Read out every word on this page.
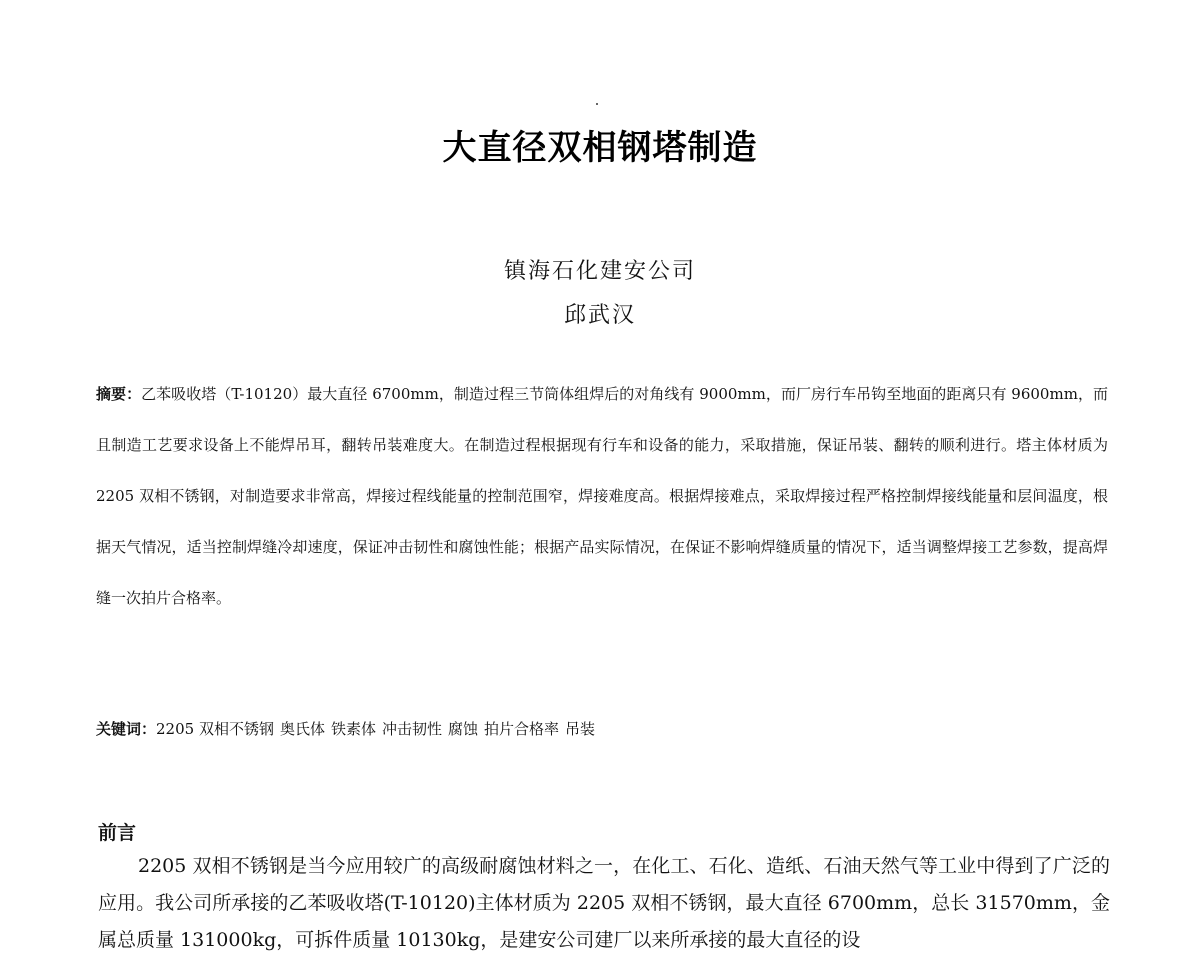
大直径双相钢塔制造
镇海石化建安公司
邱武汉
摘要：乙苯吸收塔（T-10120）最大直径 6700mm，制造过程三节筒体组焊后的对角线有 9000mm，而厂房行车吊钩至地面的距离只有 9600mm，而且制造工艺要求设备上不能焊吊耳，翻转吊装难度大。在制造过程根据现有行车和设备的能力，采取措施，保证吊装、翻转的顺利进行。塔主体材质为 2205 双相不锈钢，对制造要求非常高，焊接过程线能量的控制范围窄，焊接难度高。根据焊接难点，采取焊接过程严格控制焊接线能量和层间温度，根据天气情况，适当控制焊缝冷却速度，保证冲击韧性和腐蚀性能；根据产品实际情况，在保证不影响焊缝质量的情况下，适当调整焊接工艺参数，提高焊缝一次拍片合格率。
关键词：2205 双相不锈钢 奥氏体 铁素体 冲击韧性 腐蚀 拍片合格率 吊装
前言
2205 双相不锈钢是当今应用较广的高级耐腐蚀材料之一，在化工、石化、造纸、石油天然气等工业中得到了广泛的应用。我公司所承接的乙苯吸收塔(T-10120)主体材质为 2205 双相不锈钢，最大直径 6700mm，总长 31570mm，金属总质量 131000kg，可拆件质量 10130kg，是建安公司建厂以来所承接的最大直径的设
